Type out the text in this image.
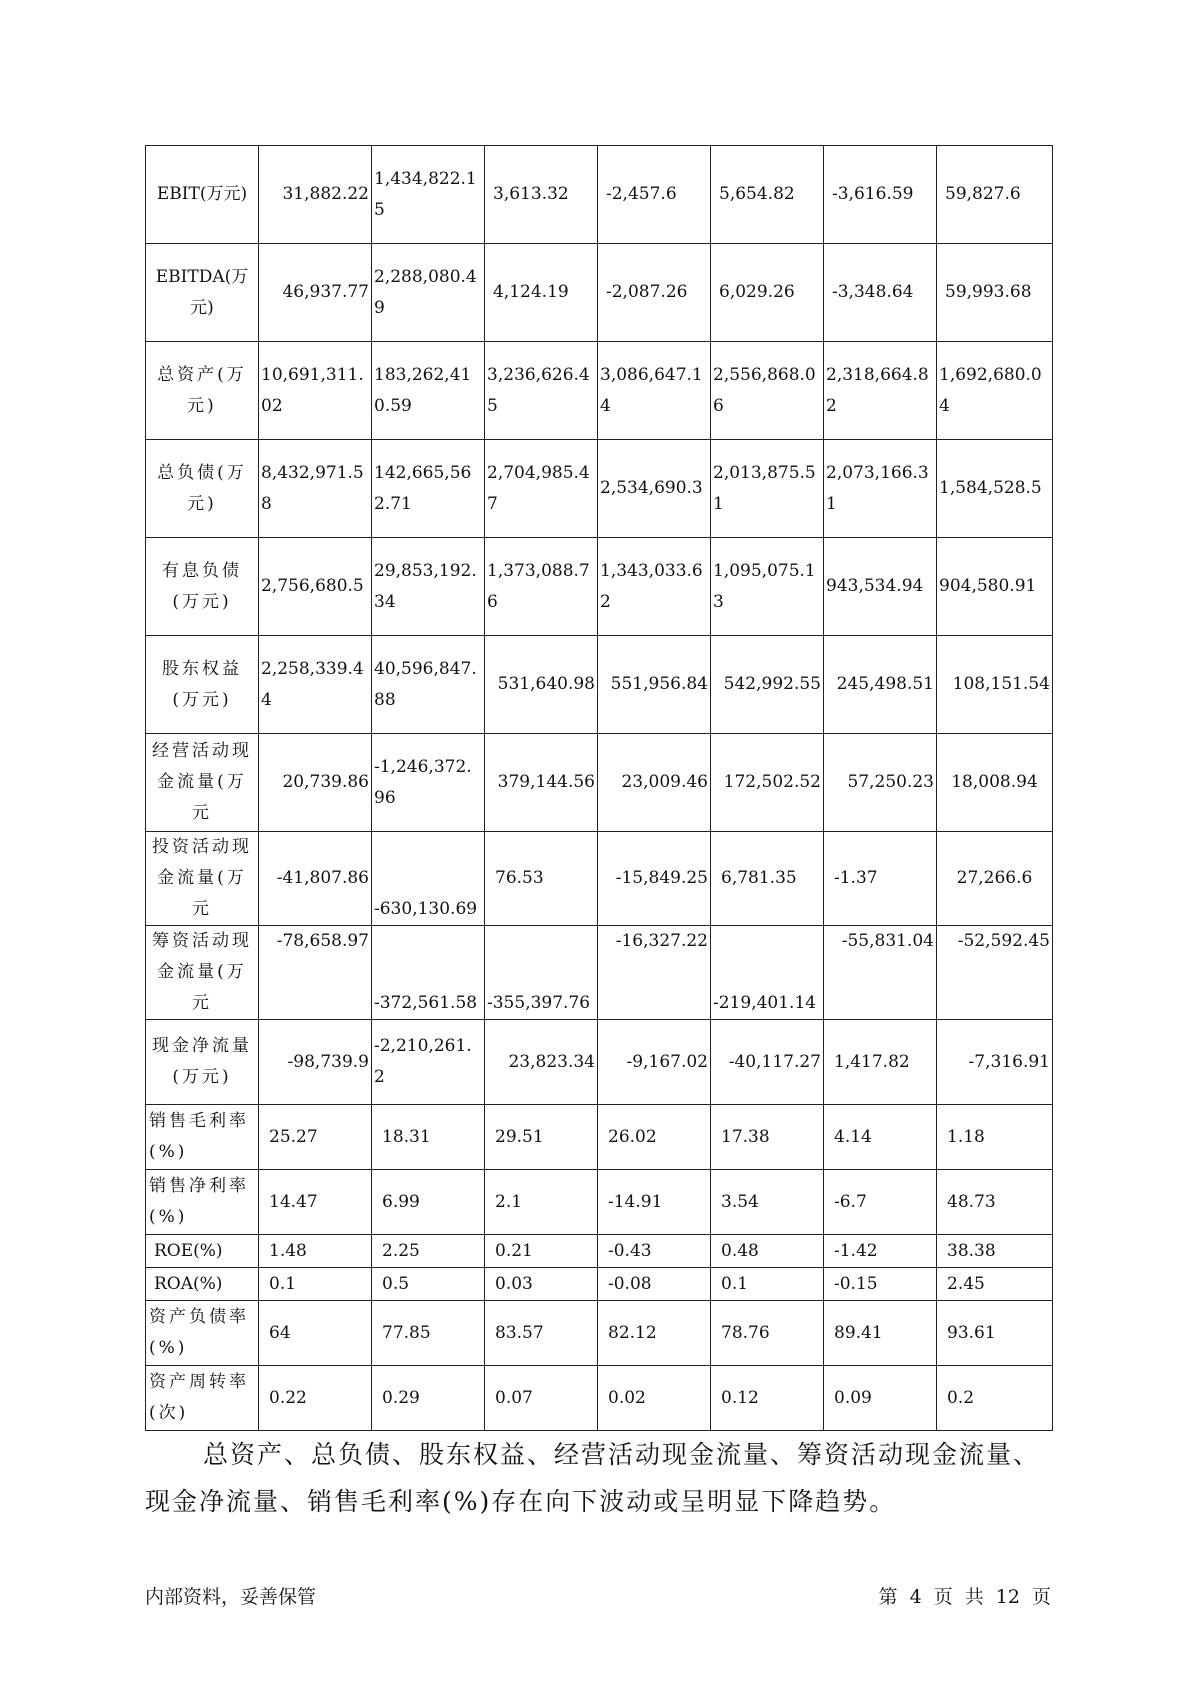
EBIT(万元)	31,882.22	1,434,822.15	3,613.32	-2,457.6	5,654.82	-3,616.59	59,827.6
EBITDA(万元)	46,937.77	2,288,080.49	4,124.19	-2,087.26	6,029.26	-3,348.64	59,993.68
总资产(万元)	10,691,311.02	183,262,410.59	3,236,626.45	3,086,647.14	2,556,868.06	2,318,664.82	1,692,680.04
总负债(万元)	8,432,971.58	142,665,562.71	2,704,985.47	2,534,690.3	2,013,875.51	2,073,166.31	1,584,528.5
有息负债(万元)	2,756,680.5	29,853,192.34	1,373,088.76	1,343,033.62	1,095,075.13	943,534.94	904,580.91
股东权益(万元)	2,258,339.44	40,596,847.88	531,640.98	551,956.84	542,992.55	245,498.51	108,151.54
经营活动现金流量(万元	20,739.86	-1,246,372.96	379,144.56	23,009.46	172,502.52	57,250.23	18,008.94
投资活动现金流量(万元	-41,807.86	-630,130.69	76.53	-15,849.25	6,781.35	-1.37	27,266.6
筹资活动现金流量(万元	-78,658.97	-372,561.58	-355,397.76	-16,327.22	-219,401.14	-55,831.04	-52,592.45
现金净流量(万元)	-98,739.9	-2,210,261.2	23,823.34	-9,167.02	-40,117.27	1,417.82	-7,316.91
销售毛利率(%)	25.27	18.31	29.51	26.02	17.38	4.14	1.18
销售净利率(%)	14.47	6.99	2.1	-14.91	3.54	-6.7	48.73
ROE(%)	1.48	2.25	0.21	-0.43	0.48	-1.42	38.38
ROA(%)	0.1	0.5	0.03	-0.08	0.1	-0.15	2.45
资产负债率(%)	64	77.85	83.57	82.12	78.76	89.41	93.61
资产周转率(次)	0.22	0.29	0.07	0.02	0.12	0.09	0.2

总资产、总负债、股东权益、经营活动现金流量、筹资活动现金流量、现金净流量、销售毛利率(%)存在向下波动或呈明显下降趋势。

内部资料，妥善保管	第 4 页 共 12 页
